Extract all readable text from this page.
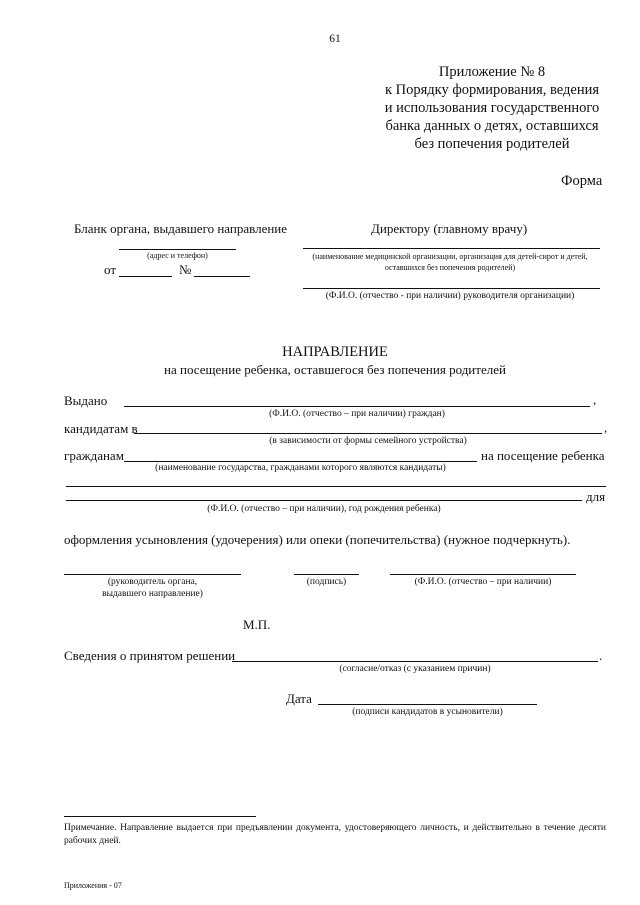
61
Приложение № 8
к Порядку формирования, ведения
и использования государственного
банка данных о детях, оставшихся
без попечения родителей
Форма
Бланк органа, выдавшего направление
(адрес и телефон)
от	№
Директору (главному врачу)
(наименование медицинской организации, организация для детей-сирот и детей, оставшихся без попечения родителей)
(Ф.И.О. (отчество - при наличии) руководителя организации)
НАПРАВЛЕНИЕ
на посещение ребенка, оставшегося без попечения родителей
Выдано	,
(Ф.И.О. (отчество – при наличии) граждан)
кандидатам в	,
(в зависимости от формы семейного устройства)
гражданам	на посещение ребенка
(наименование государства, гражданами которого являются кандидаты)
для
(Ф.И.О. (отчество – при наличии), год рождения ребенка)
оформления усыновления (удочерения) или опеки (попечительства) (нужное подчеркнуть).
(руководитель органа,
выдавшего направление)
(подпись)	(Ф.И.О. (отчество – при наличии)
М.П.
Сведения о принятом решении	.
(согласие/отказ (с указанием причин)
Дата
(подписи кандидатов в усыновители)
Примечание. Направление выдается при предъявлении документа, удостоверяющего личность, и действительно в течение десяти рабочих дней.
Приложения - 07
